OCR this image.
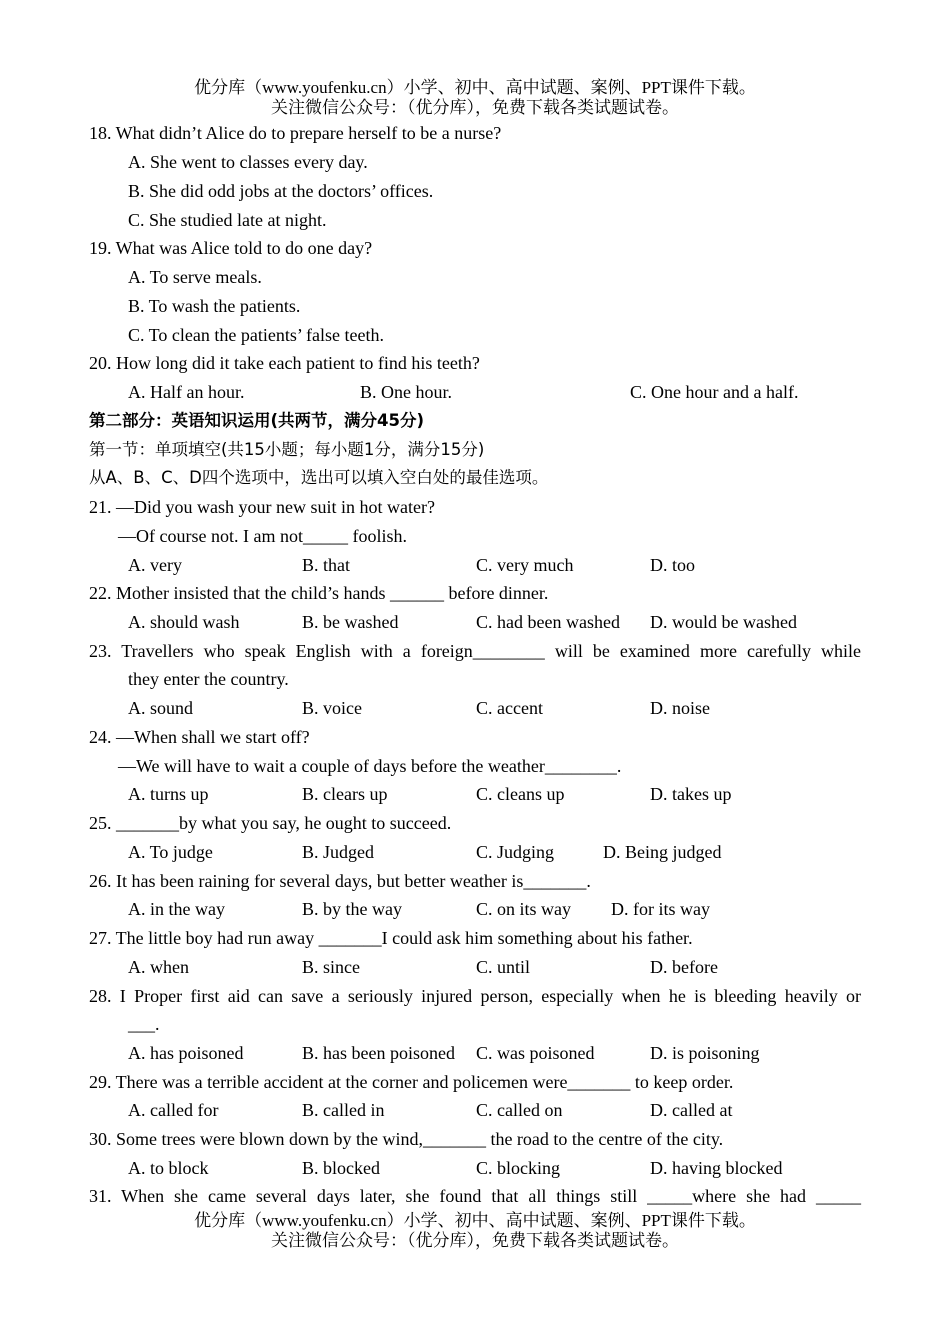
优分库（www.youfenku.cn）小学、初中、高中试题、案例、PPT课件下载。
关注微信公众号：（优分库），免费下载各类试题试卷。
18. What didn’t Alice do to prepare herself to be a nurse?
A. She went to classes every day.
B. She did odd jobs at the doctors’ offices.
C. She studied late at night.
19. What was Alice told to do one day?
A. To serve meals.
B. To wash the patients.
C. To clean the patients’ false teeth.
20. How long did it take each patient to find his teeth?
A. Half an hour.	B. One hour.	C. One hour and a half.
第二部分：英语知识运用(共两节，满分45分)
第一节：单项填空(共15小题；每小题1分，满分15分)
从A、B、C、D四个选项中，选出可以填入空白处的最佳选项。
21. —Did you wash your new suit in hot water?
—Of course not. I am not_____ foolish.
A. very	B. that	C. very much	D. too
22. Mother insisted that the child’s hands ______ before dinner.
A. should wash	B. be washed	C. had been washed D. would be washed
23. Travellers who speak English with a foreign________ will be examined more carefully while
they enter the country.
A. sound	B. voice	C. accent	D. noise
24. —When shall we start off?
—We will have to wait a couple of days before the weather________.
A. turns up	B. clears up	C. cleans up	D. takes up
25. _______by what you say, he ought to succeed.
A. To judge	B. Judged	C. Judging	D. Being judged
26. It has been raining for several days, but better weather is_______.
A. in the way	B. by the way	C. on its way D. for its way
27. The little boy had run away _______I could ask him something about his father.
A. when	B. since	C. until	D. before
28. I Proper first aid can save a seriously injured person, especially when he is bleeding heavily or
___.
A. has poisoned	B. has been poisoned C. was poisoned	D. is poisoning
29. There was a terrible accident at the corner and policemen were_______ to keep order.
A. called for	B. called in	C. called on	D. called at
30. Some trees were blown down by the wind,_______ the road to the centre of the city.
A. to block	B. blocked	C. blocking	D. having blocked
31. When she came several days later, she found that all things still _____where she had _____
优分库（www.youfenku.cn）小学、初中、高中试题、案例、PPT课件下载。
关注微信公众号：（优分库），免费下载各类试题试卷。
